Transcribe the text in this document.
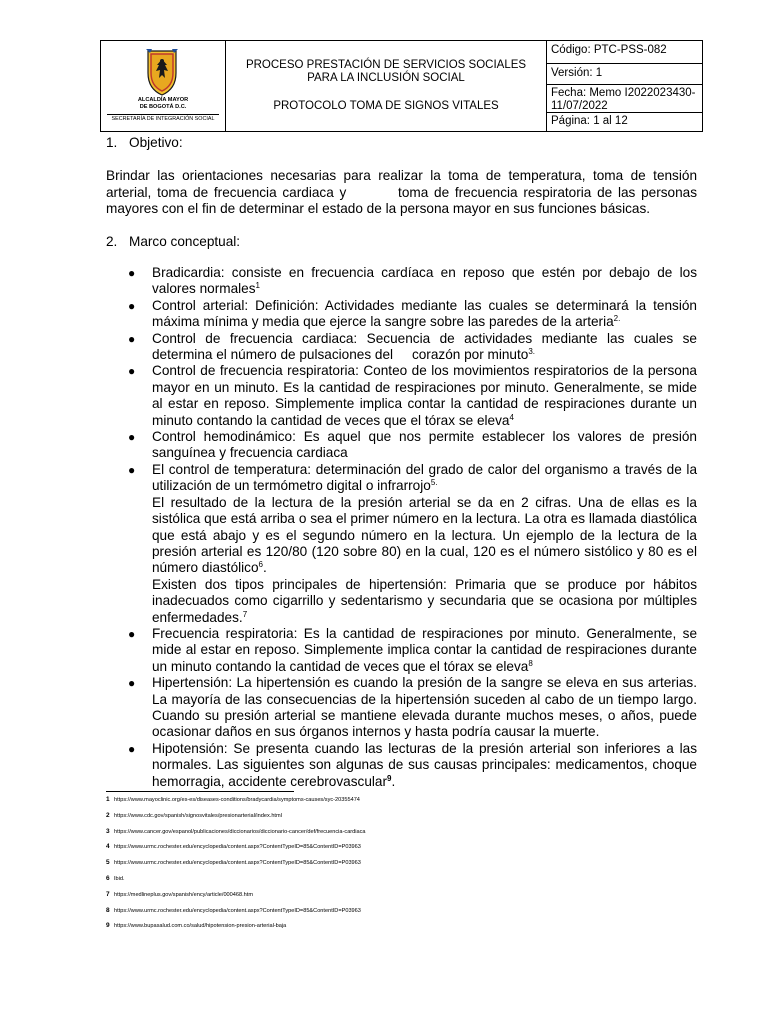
ALCALDÍA MAYOR
DE BOGOTÁ D.C.
SECRETARÍA DE INTEGRACIÓN SOCIAL
PROCESO PRESTACIÓN DE SERVICIOS SOCIALES
PARA LA INCLUSIÓN SOCIAL
PROTOCOLO TOMA DE SIGNOS VITALES
Código: PTC-PSS-082
Versión: 1
Fecha: Memo I2022023430-
11/07/2022
Página: 1 al 12
1. Objetivo:
Brindar las orientaciones necesarias para realizar la toma de temperatura, toma de tensión arterial, toma de frecuencia cardiaca y	toma de frecuencia respiratoria de las personas mayores con el fin de determinar el estado de la persona mayor en sus funciones básicas.
2. Marco conceptual:
● Bradicardia: consiste en frecuencia cardíaca en reposo que estén por debajo de los valores normales$^1$
● Control arterial: Definición: Actividades mediante las cuales se determinará la tensión máxima mínima y media que ejerce la sangre sobre las paredes de la arteria$^{2.}$
● Control de frecuencia cardiaca: Secuencia de actividades mediante las cuales se determina el número de pulsaciones del corazón por minuto$^{3.}$
● Control de frecuencia respiratoria: Conteo de los movimientos respiratorios de la persona mayor en un minuto. Es la cantidad de respiraciones por minuto. Generalmente, se mide al estar en reposo. Simplemente implica contar la cantidad de respiraciones durante un minuto contando la cantidad de veces que el tórax se eleva$^4$
● Control hemodinámico: Es aquel que nos permite establecer los valores de presión sanguínea y frecuencia cardiaca
● El control de temperatura: determinación del grado de calor del organismo a través de la utilización de un termómetro digital o infrarrojo$^{5.}$

El resultado de la lectura de la presión arterial se da en 2 cifras. Una de ellas es la sistólica que está arriba o sea el primer número en la lectura. La otra es llamada diastólica que está abajo y es el segundo número en la lectura. Un ejemplo de la lectura de la presión arterial es 120/80 (120 sobre 80) en la cual, 120 es el número sistólico y 80 es el número diastólico$^6$.

Existen dos tipos principales de hipertensión: Primaria que se produce por hábitos inadecuados como cigarrillo y sedentarismo y secundaria que se ocasiona por múltiples enfermedades.$^7$

● Frecuencia respiratoria: Es la cantidad de respiraciones por minuto. Generalmente, se mide al estar en reposo. Simplemente implica contar la cantidad de respiraciones durante un minuto contando la cantidad de veces que el tórax se eleva$^8$
● Hipertensión: La hipertensión es cuando la presión de la sangre se eleva en sus arterias. La mayoría de las consecuencias de la hipertensión suceden al cabo de un tiempo largo. Cuando su presión arterial se mantiene elevada durante muchos meses, o años, puede ocasionar daños en sus órganos internos y hasta podría causar la muerte.
● Hipotensión: Se presenta cuando las lecturas de la presión arterial son inferiores a las normales. Las siguientes son algunas de sus causas principales: medicamentos, choque hemorragia, accidente cerebrovascular$^9$.
1 https://www.mayoclinic.org/es-es/diseases-conditions/bradycardia/symptoms-causes/syc-20355474
2 https://www.cdc.gov/spanish/signosvitales/presionarterial/index.html
3 https://www.cancer.gov/espanol/publicaciones/diccionarios/diccionario-cancer/def/frecuencia-cardiaca
4 https://www.urmc.rochester.edu/encyclopedia/content.aspx?ContentTypeID=85&ContentID=P03963
5 https://www.urmc.rochester.edu/encyclopedia/content.aspx?ContentTypeID=85&ContentID=P03963
6 Ibid.
7 https://medlineplus.gov/spanish/ency/article/000468.htm
8 https://www.urmc.rochester.edu/encyclopedia/content.aspx?ContentTypeID=85&ContentID=P03963
9 https://www.bupasalud.com.co/salud/hipotension-presion-arterial-baja
